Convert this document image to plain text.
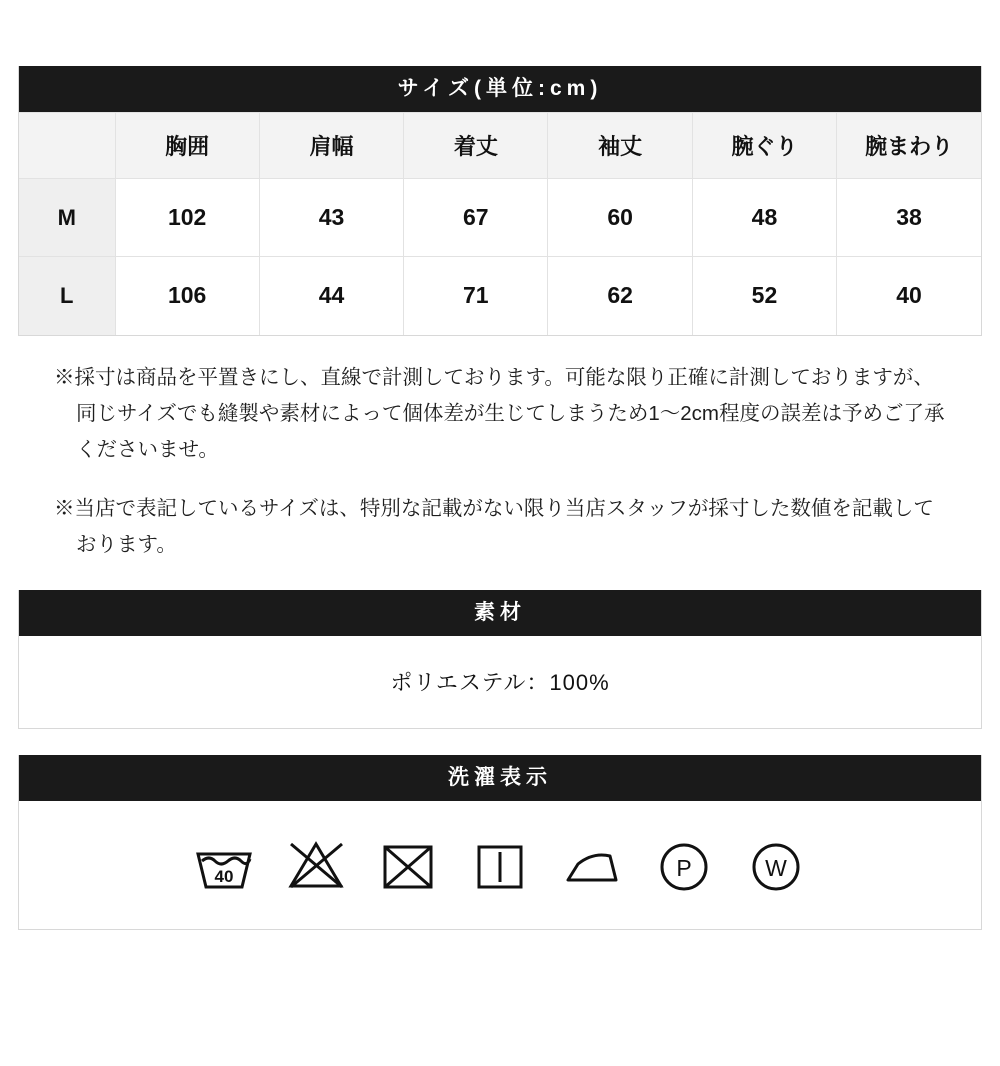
サイズ(単位:cm)
	胸囲	肩幅	着丈	袖丈	腕ぐり	腕まわり
M	102	43	67	60	48	38
L	106	44	71	62	52	40

※採寸は商品を平置きにし、直線で計測しております。可能な限り正確に計測しておりますが、同じサイズでも縫製や素材によって個体差が生じてしまうため1〜2cm程度の誤差は予めご了承くださいませ。

※当店で表記しているサイズは、特別な記載がない限り当店スタッフが採寸した数値を記載しております。

素材
ポリエステル：100%
洗濯表示
40	P	W
